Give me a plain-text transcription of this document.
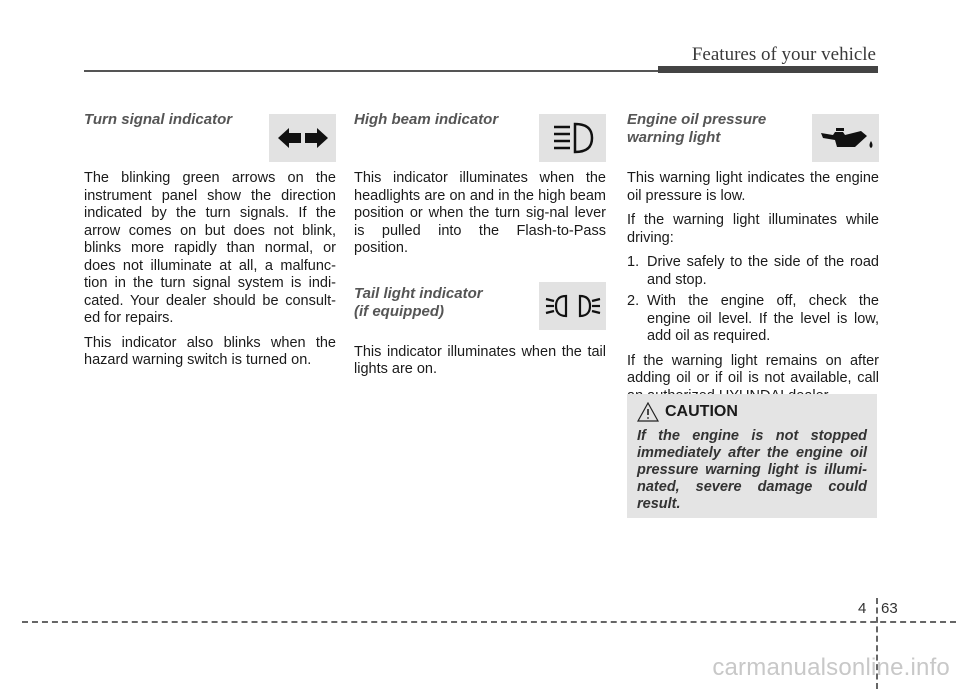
Features of your vehicle
Turn signal indicator

The blinking green arrows on the instrument panel show the direction indicated by the turn signals. If the arrow comes on but does not blink, blinks more rapidly than normal, or does not illuminate at all, a malfunc-tion in the turn signal system is indi-cated. Your dealer should be consult-ed for repairs.

This indicator also blinks when the hazard warning switch is turned on.

High beam indicator

This indicator illuminates when the headlights are on and in the high beam position or when the turn sig-nal lever is pulled into the Flash-to-Pass position.

Tail light indicator
(if equipped)

This indicator illuminates when the tail lights are on.

Engine oil pressure
warning light

This warning light indicates the engine oil pressure is low.

If the warning light illuminates while driving:

1. Drive safely to the side of the road and stop.
2. With the engine off, check the engine oil level. If the level is low, add oil as required.

If the warning light remains on after adding oil or if oil is not available, call

CAUTION
If the engine is not stopped immediately after the engine oil pressure warning light is illumi-nated, severe damage could result.
4 63
carmanualsonline.info
